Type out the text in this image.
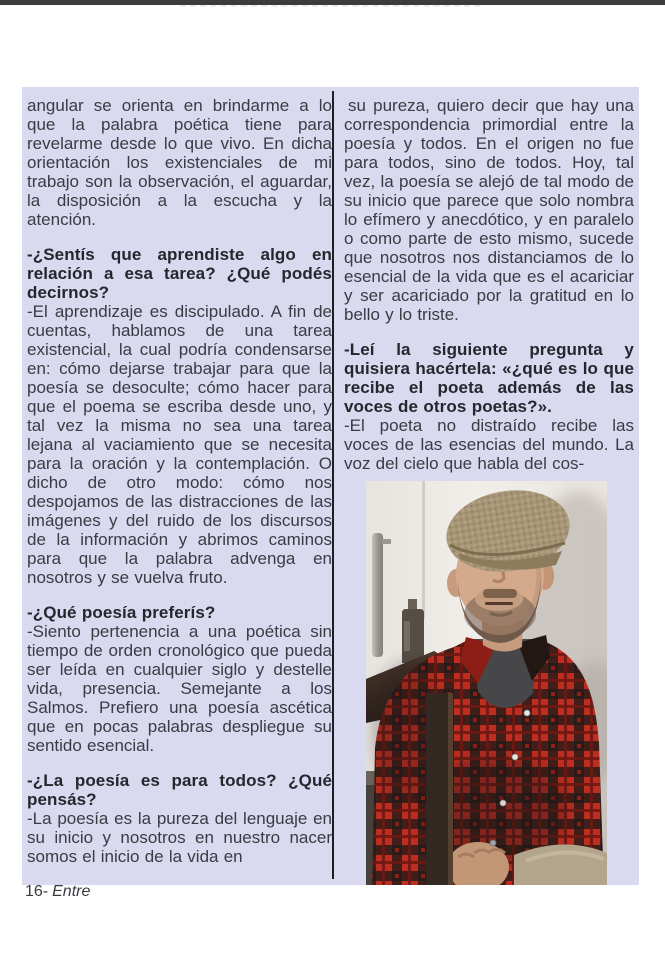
angular se orienta en brindarme a lo que la palabra poética tiene para revelarme desde lo que vivo. En dicha orientación los existenciales de mi trabajo son la observación, el aguardar, la disposición a la escucha y la atención.

-¿Sentís que aprendiste algo en relación a esa tarea? ¿Qué podés decirnos?

-El aprendizaje es discipulado. A fin de cuentas, hablamos de una tarea existencial, la cual podría condensarse en: cómo dejarse trabajar para que la poesía se desoculte; cómo hacer para que el poema se escriba desde uno, y tal vez la misma no sea una tarea lejana al vaciamiento que se necesita para la oración y la contemplación. O dicho de otro modo: cómo nos despojamos de las distracciones de las imágenes y del ruido de los discursos de la información y abrimos caminos para que la palabra advenga en nosotros y se vuelva fruto.

-¿Qué poesía preferís?

-Siento pertenencia a una poética sin tiempo de orden cronológico que pueda ser leída en cualquier siglo y destelle vida, presencia. Semejante a los Salmos. Prefiero una poesía ascética que en pocas palabras despliegue su sentido esencial.

-¿La poesía es para todos? ¿Qué pensás?

-La poesía es la pureza del lenguaje en su inicio y nosotros en nuestro nacer somos el inicio de la vida en

su pureza, quiero decir que hay una correspondencia primordial entre la poesía y todos. En el origen no fue para todos, sino de todos. Hoy, tal vez, la poesía se alejó de tal modo de su inicio que parece que solo nombra lo efímero y anecdótico, y en paralelo o como parte de esto mismo, sucede que nosotros nos distanciamos de lo esencial de la vida que es el acariciar y ser acariciado por la gratitud en lo bello y lo triste.

-Leí la siguiente pregunta y quisiera hacértela: «¿qué es lo que recibe el poeta además de las voces de otros poetas?».

-El poeta no distraído recibe las voces de las esencias del mundo. La voz del cielo que habla del cos-

16- Entre
